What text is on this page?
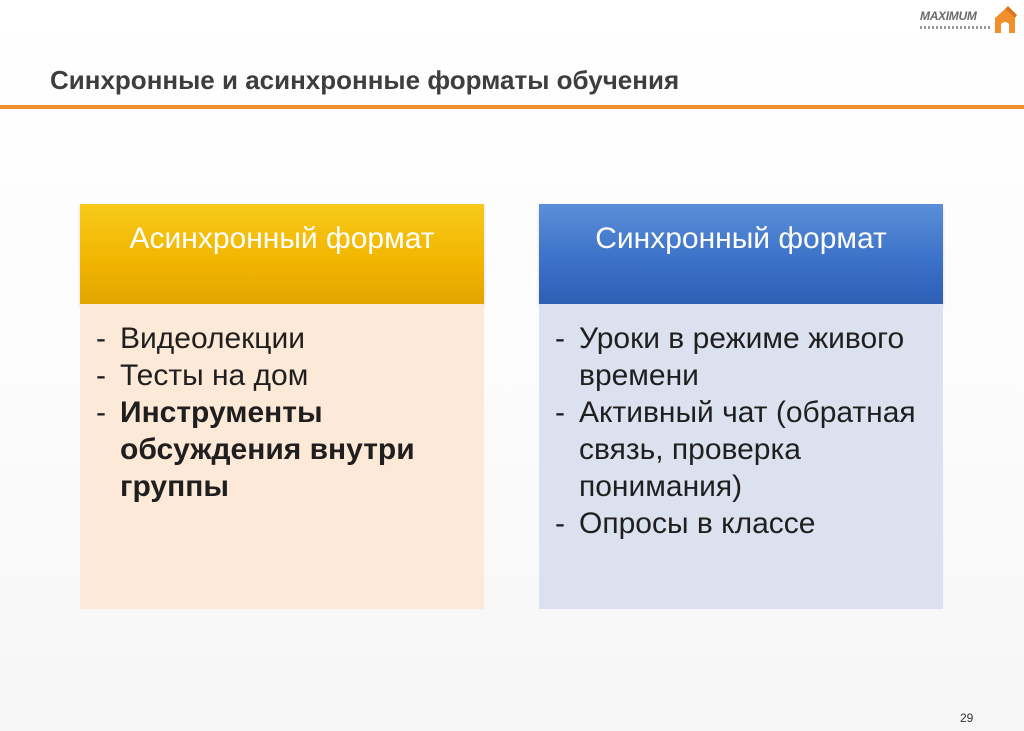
MAXIMUM
Синхронные и асинхронные форматы обучения
Асинхронный формат
- Видеолекции
- Тесты на дом
- Инструменты обсуждения внутри группы
Синхронный формат
- Уроки в режиме живого времени
- Активный чат (обратная связь, проверка понимания)
- Опросы в классе
29
